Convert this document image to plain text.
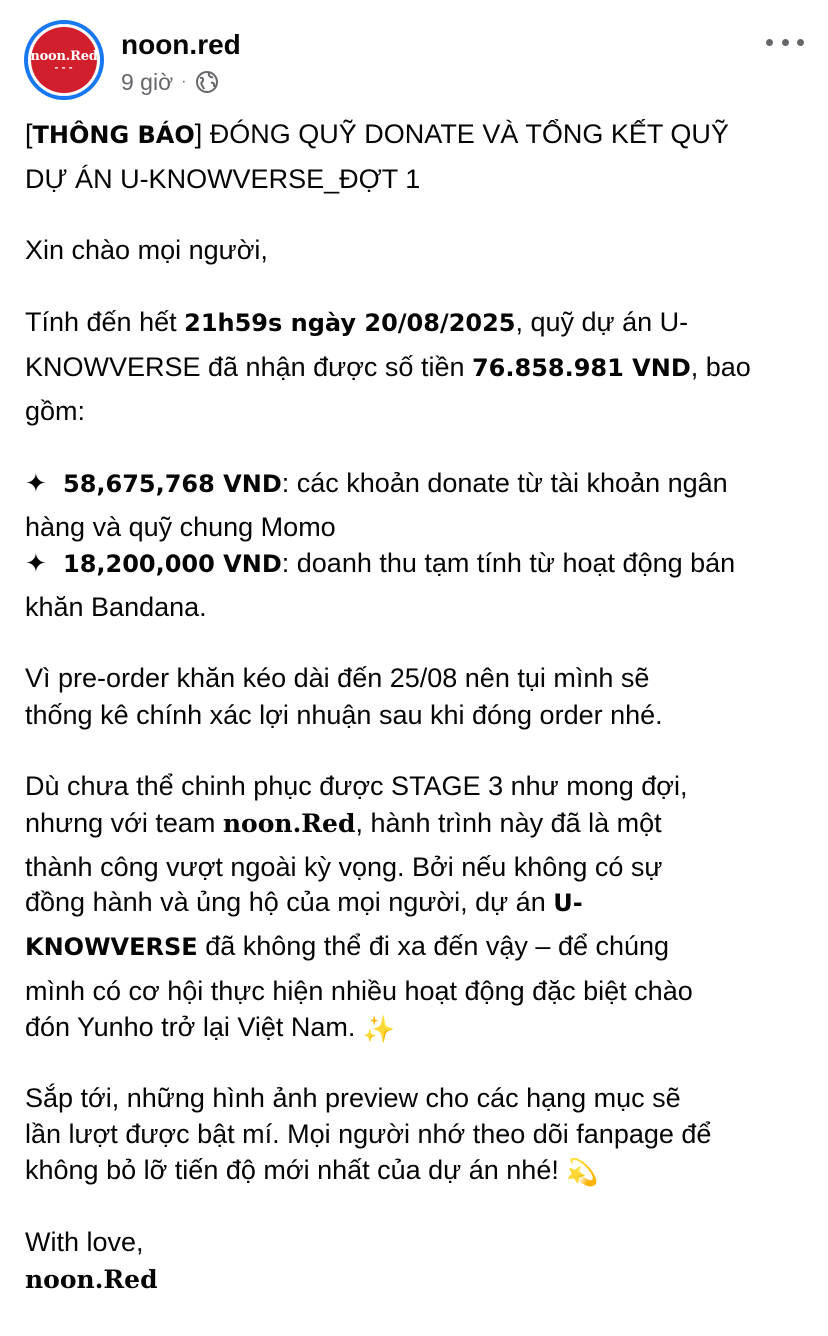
noon.Red
▬ ▬ ▬
noon.red
9 giờ ·
[THÔNG BÁO] ĐÓNG QUỸ DONATE VÀ TỔNG KẾT QUỸ
DỰ ÁN U-KNOWVERSE_ĐỢT 1
Xin chào mọi người,
Tính đến hết 21h59s ngày 20/08/2025, quỹ dự án U-
KNOWVERSE đã nhận được số tiền 76.858.981 VND, bao
gồm:
✦ 58,675,768 VND: các khoản donate từ tài khoản ngân
hàng và quỹ chung Momo
✦ 18,200,000 VND: doanh thu tạm tính từ hoạt động bán
khăn Bandana.
Vì pre-order khăn kéo dài đến 25/08 nên tụi mình sẽ
thống kê chính xác lợi nhuận sau khi đóng order nhé.
Dù chưa thể chinh phục được STAGE 3 như mong đợi,
nhưng với team noon.Red, hành trình này đã là một
thành công vượt ngoài kỳ vọng. Bởi nếu không có sự
đồng hành và ủng hộ của mọi người, dự án U-
KNOWVERSE đã không thể đi xa đến vậy – để chúng
mình có cơ hội thực hiện nhiều hoạt động đặc biệt chào
đón Yunho trở lại Việt Nam. ✨
Sắp tới, những hình ảnh preview cho các hạng mục sẽ
lần lượt được bật mí. Mọi người nhớ theo dõi fanpage để
không bỏ lỡ tiến độ mới nhất của dự án nhé! 💫
With love,
noon.Red
